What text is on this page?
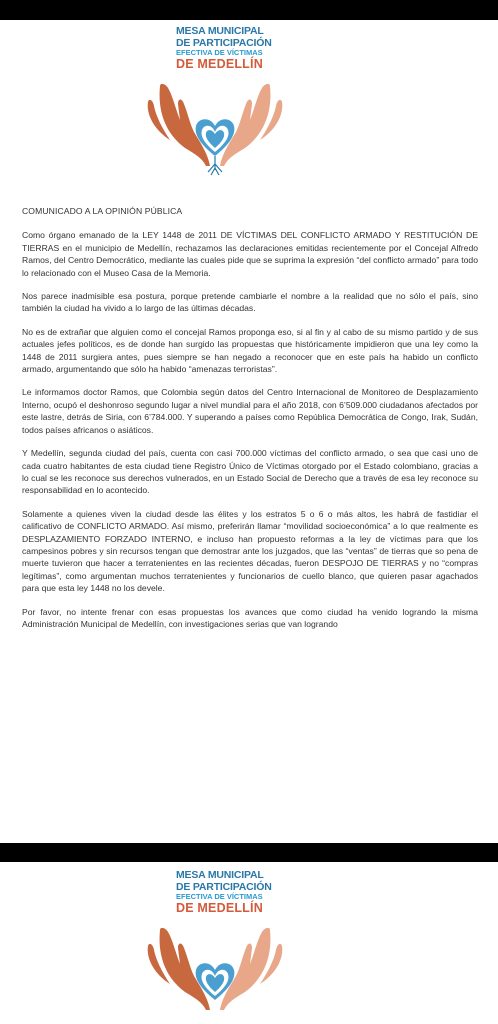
MESA MUNICIPAL
DE PARTICIPACIÓN
EFECTIVA DE VÍCTIMAS
DE MEDELLÍN
COMUNICADO A LA OPINIÓN PÚBLICA

Como órgano emanado de la LEY 1448 de 2011 DE VÍCTIMAS DEL CONFLICTO ARMADO Y RESTITUCIÓN DE TIERRAS en el municipio de Medellín, rechazamos las declaraciones emitidas recientemente por el Concejal Alfredo Ramos, del Centro Democrático, mediante las cuales pide que se suprima la expresión “del conflicto armado” para todo lo relacionado con el Museo Casa de la Memoria.

Nos parece inadmisible esa postura, porque pretende cambiarle el nombre a la realidad que no sólo el país, sino también la ciudad ha vivido a lo largo de las últimas décadas.

No es de extrañar que alguien como el concejal Ramos proponga eso, si al fin y al cabo de su mismo partido y de sus actuales jefes políticos, es de donde han surgido las propuestas que históricamente impidieron que una ley como la 1448 de 2011 surgiera antes, pues siempre se han negado a reconocer que en este país ha habido un conflicto armado, argumentando que sólo ha habido “amenazas terroristas”.

Le informamos doctor Ramos, que Colombia según datos del Centro Internacional de Monitoreo de Desplazamiento Interno, ocupó el deshonroso segundo lugar a nivel mundial para el año 2018, con 6’509.000 ciudadanos afectados por este lastre, detrás de Siria, con 6’784.000. Y superando a países como República Democrática de Congo, Irak, Sudán, todos países africanos o asiáticos.

Y Medellín, segunda ciudad del país, cuenta con casi 700.000 víctimas del conflicto armado, o sea que casi uno de cada cuatro habitantes de esta ciudad tiene Registro Único de Víctimas otorgado por el Estado colombiano, gracias a lo cual se les reconoce sus derechos vulnerados, en un Estado Social de Derecho que a través de esa ley reconoce su responsabilidad en lo acontecido.

Solamente a quienes viven la ciudad desde las élites y los estratos 5 o 6 o más altos, les habrá de fastidiar el calificativo de CONFLICTO ARMADO. Así mismo, preferirán llamar “movilidad socioeconómica” a lo que realmente es DESPLAZAMIENTO FORZADO INTERNO, e incluso han propuesto reformas a la ley de víctimas para que los campesinos pobres y sin recursos tengan que demostrar ante los juzgados, que las “ventas” de tierras que so pena de muerte tuvieron que hacer a terratenientes en las recientes décadas, fueron DESPOJO DE TIERRAS y no “compras legítimas”, como argumentan muchos terratenientes y funcionarios de cuello blanco, que quieren pasar agachados para que esta ley 1448 no los devele.

Por favor, no intente frenar con esas propuestas los avances que como ciudad ha venido logrando la misma Administración Municipal de Medellín, con investigaciones serias que van logrando

MESA MUNICIPAL
DE PARTICIPACIÓN
EFECTIVA DE VÍCTIMAS
DE MEDELLÍN
